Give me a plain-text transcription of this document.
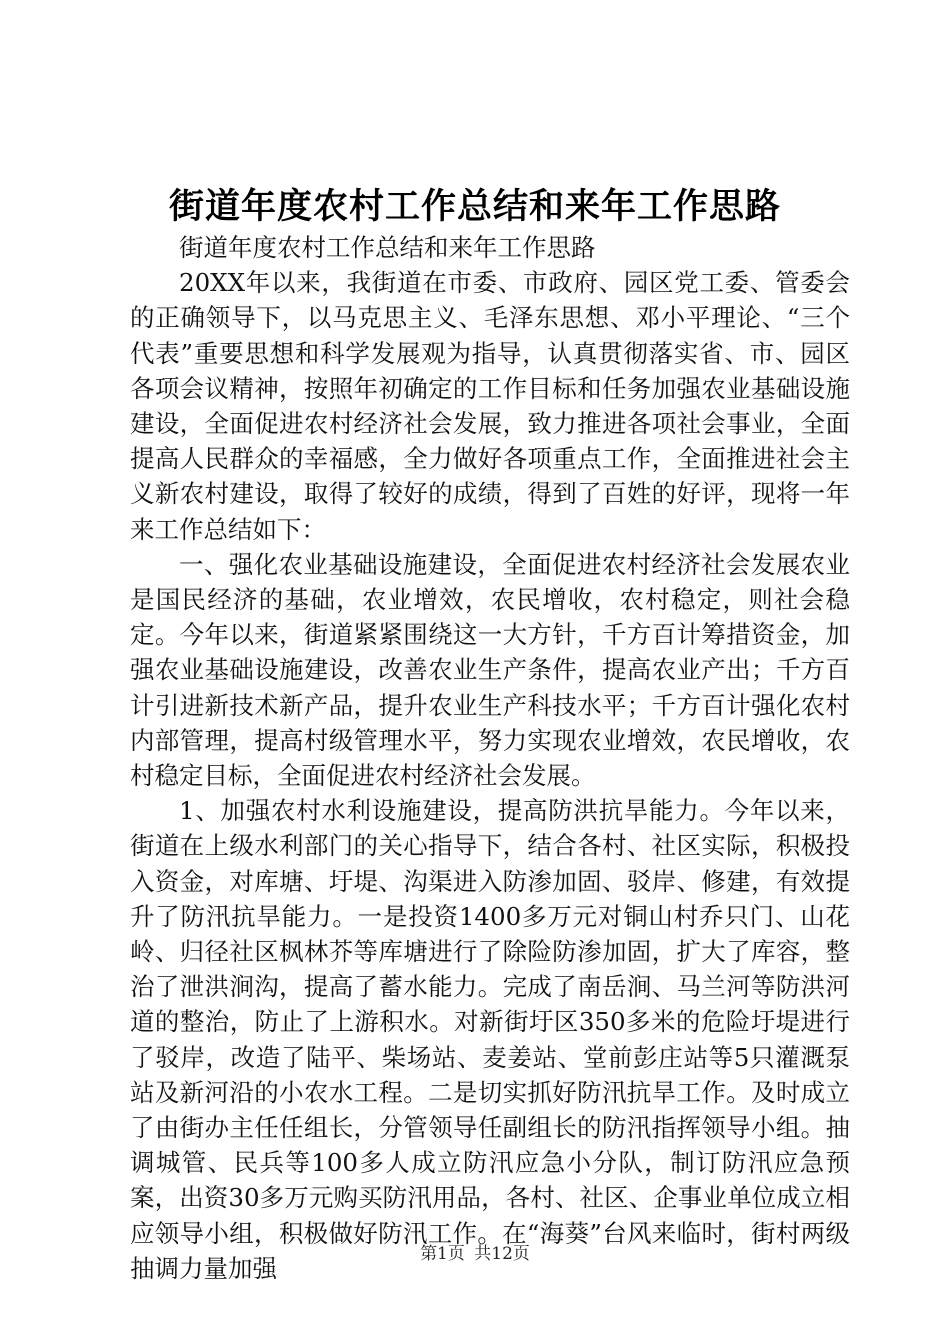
街道年度农村工作总结和来年工作思路

街道年度农村工作总结和来年工作思路

20XX年以来，我街道在市委、市政府、园区党工委、管委会的正确领导下，以马克思主义、毛泽东思想、邓小平理论、“三个代表”重要思想和科学发展观为指导，认真贯彻落实省、市、园区各项会议精神，按照年初确定的工作目标和任务加强农业基础设施建设，全面促进农村经济社会发展，致力推进各项社会事业，全面提高人民群众的幸福感，全力做好各项重点工作，全面推进社会主义新农村建设，取得了较好的成绩，得到了百姓的好评，现将一年来工作总结如下：

一、强化农业基础设施建设，全面促进农村经济社会发展农业是国民经济的基础，农业增效，农民增收，农村稳定，则社会稳定。今年以来，街道紧紧围绕这一大方针，千方百计筹措资金，加强农业基础设施建设，改善农业生产条件，提高农业产出；千方百计引进新技术新产品，提升农业生产科技水平；千方百计强化农村内部管理，提高村级管理水平，努力实现农业增效，农民增收，农村稳定目标，全面促进农村经济社会发展。

1、加强农村水利设施建设，提高防洪抗旱能力。今年以来，街道在上级水利部门的关心指导下，结合各村、社区实际，积极投入资金，对库塘、圩堤、沟渠进入防渗加固、驳岸、修建，有效提升了防汛抗旱能力。一是投资1400多万元对铜山村乔只门、山花岭、归径社区枫林芥等库塘进行了除险防渗加固，扩大了库容，整治了泄洪涧沟，提高了蓄水能力。完成了南岳涧、马兰河等防洪河道的整治，防止了上游积水。对新街圩区350多米的危险圩堤进行了驳岸，改造了陆平、柴场站、麦姜站、堂前彭庄站等5只灌溉泵站及新河沿的小农水工程。二是切实抓好防汛抗旱工作。及时成立了由街办主任任组长，分管领导任副组长的防汛指挥领导小组。抽调城管、民兵等100多人成立防汛应急小分队，制订防汛应急预案，出资30多万元购买防汛用品，各村、社区、企事业单位成立相应领导小组，积极做好防汛工作。在“海葵”台风来临时，街村两级抽调力量加强	第1页 共12页
